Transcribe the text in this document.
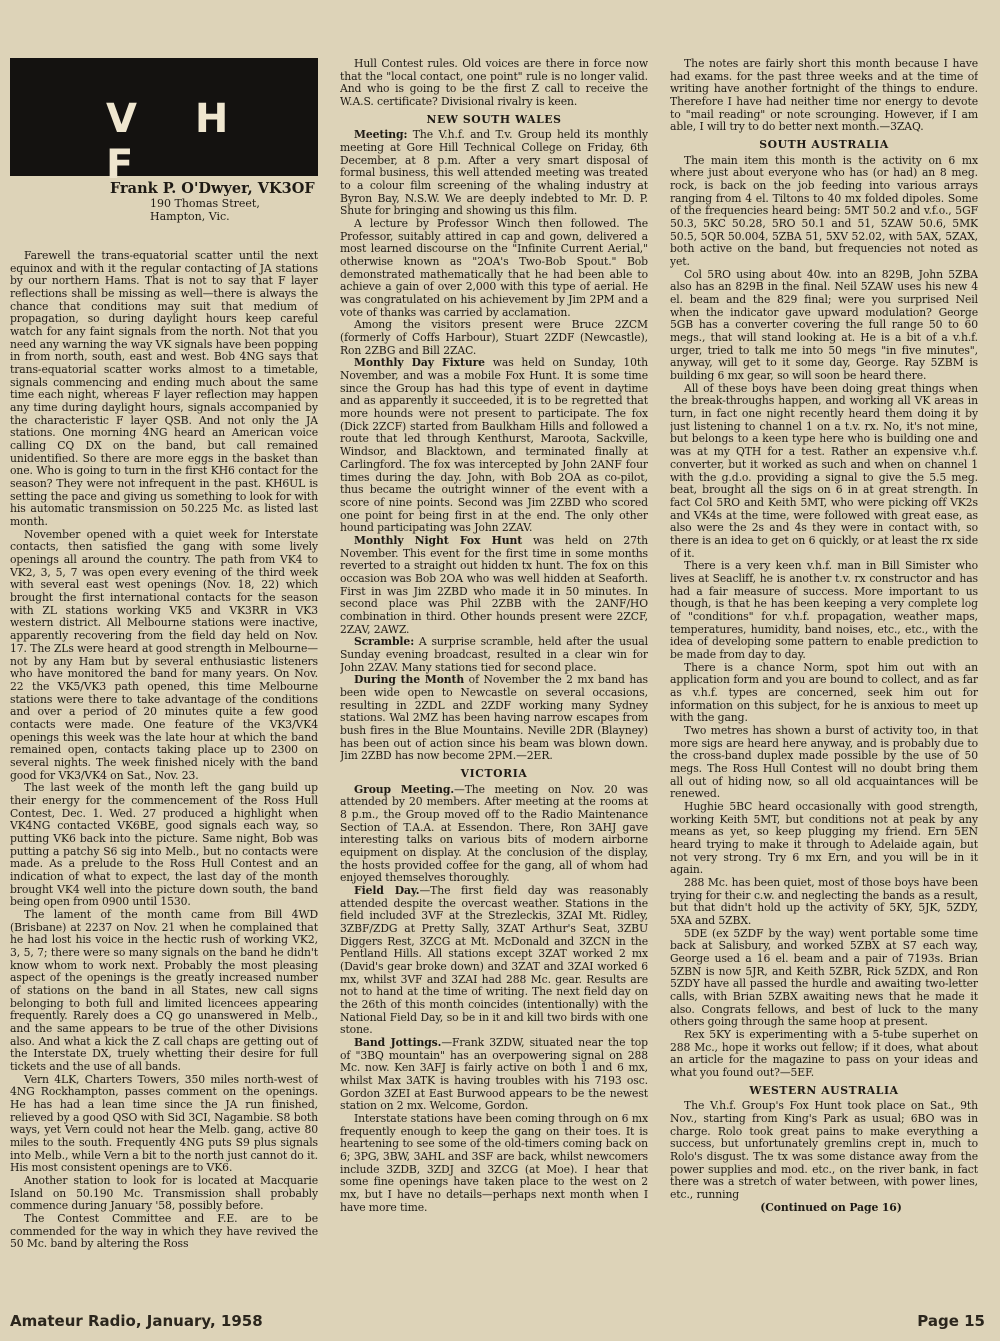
V H F
Frank P. O'Dwyer, VK3OF
190 Thomas Street,
Hampton, Vic.

Farewell the trans-equatorial scatter until the next equinox and with it the regular contacting of JA stations by our northern Hams. That is not to say that F layer reflections shall be missing as well—there is always the chance that conditions may suit that medium of propagation, so during daylight hours keep careful watch for any faint signals from the north. Not that you need any warning the way VK signals have been popping in from north, south, east and west. Bob 4NG says that trans-equatorial scatter works almost to a timetable, signals commencing and ending much about the same time each night, whereas F layer reflection may happen any time during daylight hours, signals accompanied by the characteristic F layer QSB. And not only the JA stations. One morning 4NG heard an American voice calling CQ DX on the band, but call remained unidentified. So there are more eggs in the basket than one. Who is going to turn in the first KH6 contact for the season? They were not infrequent in the past. KH6UL is setting the pace and giving us something to look for with his automatic transmission on 50.225 Mc. as listed last month.

November opened with a quiet week for Interstate contacts, then satisfied the gang with some lively openings all around the country. The path from VK4 to VK2, 3, 5, 7 was open every evening of the third week with several east west openings (Nov. 18, 22) which brought the first international contacts for the season with ZL stations working VK5 and VK3RR in VK3 western district. All Melbourne stations were inactive, apparently recovering from the field day held on Nov. 17. The ZLs were heard at good strength in Melbourne—not by any Ham but by several enthusiastic listeners who have monitored the band for many years. On Nov. 22 the VK5/VK3 path opened, this time Melbourne stations were there to take advantage of the conditions and over a period of 20 minutes quite a few good contacts were made. One feature of the VK3/VK4 openings this week was the late hour at which the band remained open, contacts taking place up to 2300 on several nights. The week finished nicely with the band good for VK3/VK4 on Sat., Nov. 23.

The last week of the month left the gang build up their energy for the commencement of the Ross Hull Contest, Dec. 1. Wed. 27 produced a highlight when VK4NG contacted VK6BE, good signals each way, so putting VK6 back into the picture. Same night, Bob was putting a patchy S6 sig into Melb., but no contacts were made. As a prelude to the Ross Hull Contest and an indication of what to expect, the last day of the month brought VK4 well into the picture down south, the band being open from 0900 until 1530.

The lament of the month came from Bill 4WD (Brisbane) at 2237 on Nov. 21 when he complained that he had lost his voice in the hectic rush of working VK2, 3, 5, 7; there were so many signals on the band he didn't know whom to work next. Probably the most pleasing aspect of the openings is the greatly increased number of stations on the band in all States, new call signs belonging to both full and limited licencees appearing frequently. Rarely does a CQ go unanswered in Melb., and the same appears to be true of the other Divisions also. And what a kick the Z call chaps are getting out of the Interstate DX, truely whetting their desire for full tickets and the use of all bands.

Vern 4LK, Charters Towers, 350 miles north-west of 4NG Rockhampton, passes comment on the openings. He has had a lean time since the JA run finished, relieved by a good QSO with Sid 3CI, Nagambie. S8 both ways, yet Vern could not hear the Melb. gang, active 80 miles to the south. Frequently 4NG puts S9 plus signals into Melb., while Vern a bit to the north just cannot do it. His most consistent openings are to VK6.

Another station to look for is located at Macquarie Island on 50.190 Mc. Transmission shall probably commence during January '58, possibly before.

The Contest Committee and F.E. are to be commended for the way in which they have revived the 50 Mc. band by altering the Ross

Hull Contest rules. Old voices are there in force now that the "local contact, one point" rule is no longer valid. And who is going to be the first Z call to receive the W.A.S. certificate? Divisional rivalry is keen.

NEW SOUTH WALES

Meeting: The V.h.f. and T.v. Group held its monthly meeting at Gore Hill Technical College on Friday, 6th December, at 8 p.m. After a very smart disposal of formal business, this well attended meeting was treated to a colour film screening of the whaling industry at Byron Bay, N.S.W. We are deeply indebted to Mr. D. P. Shute for bringing and showing us this film.

A lecture by Professor Winch then followed. The Professor, suitably attired in cap and gown, delivered a most learned discourse on the "Infinite Current Aerial," otherwise known as "2OA's Two-Bob Spout." Bob demonstrated mathematically that he had been able to achieve a gain of over 2,000 with this type of aerial. He was congratulated on his achievement by Jim 2PM and a vote of thanks was carried by acclamation.

Among the visitors present were Bruce 2ZCM (formerly of Coffs Harbour), Stuart 2ZDF (Newcastle), Ron 2ZBG and Bill 2ZAC.

Monthly Day Fixture was held on Sunday, 10th November, and was a mobile Fox Hunt. It is some time since the Group has had this type of event in daytime and as apparently it succeeded, it is to be regretted that more hounds were not present to participate. The fox (Dick 2ZCF) started from Baulkham Hills and followed a route that led through Kenthurst, Maroota, Sackville, Windsor, and Blacktown, and terminated finally at Carlingford. The fox was intercepted by John 2ANF four times during the day. John, with Bob 2OA as co-pilot, thus became the outright winner of the event with a score of nine points. Second was Jim 2ZBD who scored one point for being first in at the end. The only other hound participating was John 2ZAV.

Monthly Night Fox Hunt was held on 27th November. This event for the first time in some months reverted to a straight out hidden tx hunt. The fox on this occasion was Bob 2OA who was well hidden at Seaforth. First in was Jim 2ZBD who made it in 50 minutes. In second place was Phil 2ZBB with the 2ANF/HO combination in third. Other hounds present were 2ZCF, 2ZAV, 2AWZ.

Scramble: A surprise scramble, held after the usual Sunday evening broadcast, resulted in a clear win for John 2ZAV. Many stations tied for second place.

During the Month of November the 2 mx band has been wide open to Newcastle on several occasions, resulting in 2ZDL and 2ZDF working many Sydney stations. Wal 2MZ has been having narrow escapes from bush fires in the Blue Mountains. Neville 2DR (Blayney) has been out of action since his beam was blown down. Jim 2ZBD has now become 2PM.—2ER.

VICTORIA

Group Meeting.—The meeting on Nov. 20 was attended by 20 members. After meeting at the rooms at 8 p.m., the Group moved off to the Radio Maintenance Section of T.A.A. at Essendon. There, Ron 3AHJ gave interesting talks on various bits of modern airborne equipment on display. At the conclusion of the display, the hosts provided coffee for the gang, all of whom had enjoyed themselves thoroughly.

Field Day.—The first field day was reasonably attended despite the overcast weather. Stations in the field included 3VF at the Strezleckis, 3ZAI Mt. Ridley, 3ZBF/ZDG at Pretty Sally, 3ZAT Arthur's Seat, 3ZBU Diggers Rest, 3ZCG at Mt. McDonald and 3ZCN in the Pentland Hills. All stations except 3ZAT worked 2 mx (David's gear broke down) and 3ZAT and 3ZAI worked 6 mx, whilst 3VF and 3ZAI had 288 Mc. gear. Results are not to hand at the time of writing. The next field day on the 26th of this month coincides (intentionally) with the National Field Day, so be in it and kill two birds with one stone.

Band Jottings.—Frank 3ZDW, situated near the top of "3BQ mountain" has an overpowering signal on 288 Mc. now. Ken 3AFJ is fairly active on both 1 and 6 mx, whilst Max 3ATK is having troubles with his 7193 osc. Gordon 3ZEI at East Burwood appears to be the newest station on 2 mx. Welcome, Gordon.

Interstate stations have been coming through on 6 mx frequently enough to keep the gang on their toes. It is heartening to see some of the old-timers coming back on 6; 3PG, 3BW, 3AHL and 3SF are back, whilst newcomers include 3ZDB, 3ZDJ and 3ZCG (at Moe). I hear that some fine openings have taken place to the west on 2 mx, but I have no details—perhaps next month when I have more time.

The notes are fairly short this month because I have had exams. for the past three weeks and at the time of writing have another fortnight of the things to endure. Therefore I have had neither time nor energy to devote to "mail reading" or note scrounging. However, if I am able, I will try to do better next month.—3ZAQ.

SOUTH AUSTRALIA

The main item this month is the activity on 6 mx where just about everyone who has (or had) an 8 meg. rock, is back on the job feeding into various arrays ranging from 4 el. Tiltons to 40 mx folded dipoles. Some of the frequencies heard being: 5MT 50.2 and v.f.o., 5GF 50.3, 5KC 50.28, 5RO 50.1 and 51, 5ZAW 50.6, 5MK 50.5, 5QR 50.004, 5ZBA 51, 5XV 52.02, with 5AX, 5ZAX, both active on the band, but frequencies not noted as yet.

Col 5RO using about 40w. into an 829B, John 5ZBA also has an 829B in the final. Neil 5ZAW uses his new 4 el. beam and the 829 final; were you surprised Neil when the indicator gave upward modulation? George 5GB has a converter covering the full range 50 to 60 megs., that will stand looking at. He is a bit of a v.h.f. urger, tried to talk me into 50 megs "in five minutes", anyway, will get to it some day, George. Ray 5ZBM is building 6 mx gear, so will soon be heard there.

All of these boys have been doing great things when the break-throughs happen, and working all VK areas in turn, in fact one night recently heard them doing it by just listening to channel 1 on a t.v. rx. No, it's not mine, but belongs to a keen type here who is building one and was at my QTH for a test. Rather an expensive v.h.f. converter, but it worked as such and when on channel 1 with the g.d.o. providing a signal to give the 5.5 meg. beat, brought all the sigs on 6 in at great strength. In fact Col 5RO and Keith 5MT, who were picking off VK2s and VK4s at the time, were followed with great ease, as also were the 2s and 4s they were in contact with, so there is an idea to get on 6 quickly, or at least the rx side of it.

There is a very keen v.h.f. man in Bill Simister who lives at Seacliff, he is another t.v. rx constructor and has had a fair measure of success. More important to us though, is that he has been keeping a very complete log of "conditions" for v.h.f. propagation, weather maps, temperatures, humidity, band noises, etc., etc., with the idea of developing some pattern to enable prediction to be made from day to day.

There is a chance Norm, spot him out with an application form and you are bound to collect, and as far as v.h.f. types are concerned, seek him out for information on this subject, for he is anxious to meet up with the gang.

Two metres has shown a burst of activity too, in that more sigs are heard here anyway, and is probably due to the cross-band duplex made possible by the use of 50 megs. The Ross Hull Contest will no doubt bring them all out of hiding now, so all old acquaintances will be renewed.

Hughie 5BC heard occasionally with good strength, working Keith 5MT, but conditions not at peak by any means as yet, so keep plugging my friend. Ern 5EN heard trying to make it through to Adelaide again, but not very strong. Try 6 mx Ern, and you will be in it again.

288 Mc. has been quiet, most of those boys have been trying for their c.w. and neglecting the bands as a result, but that didn't hold up the activity of 5KY, 5JK, 5ZDY, 5XA and 5ZBX.

5DE (ex 5ZDF by the way) went portable some time back at Salisbury, and worked 5ZBX at S7 each way, George used a 16 el. beam and a pair of 7193s. Brian 5ZBN is now 5JR, and Keith 5ZBR, Rick 5ZDX, and Ron 5ZDY have all passed the hurdle and awaiting two-letter calls, with Brian 5ZBX awaiting news that he made it also. Congrats fellows, and best of luck to the many others going through the same hoop at present.

Rex 5KY is experimenting with a 5-tube superhet on 288 Mc., hope it works out fellow; if it does, what about an article for the magazine to pass on your ideas and what you found out?—5EF.

WESTERN AUSTRALIA

The V.h.f. Group's Fox Hunt took place on Sat., 9th Nov., starting from King's Park as usual; 6BO was in charge. Rolo took great pains to make everything a success, but unfortunately gremlins crept in, much to Rolo's disgust. The tx was some distance away from the power supplies and mod. etc., on the river bank, in fact there was a stretch of water between, with power lines, etc., running

(Continued on Page 16)

Amateur Radio, January, 1958	Page 15
